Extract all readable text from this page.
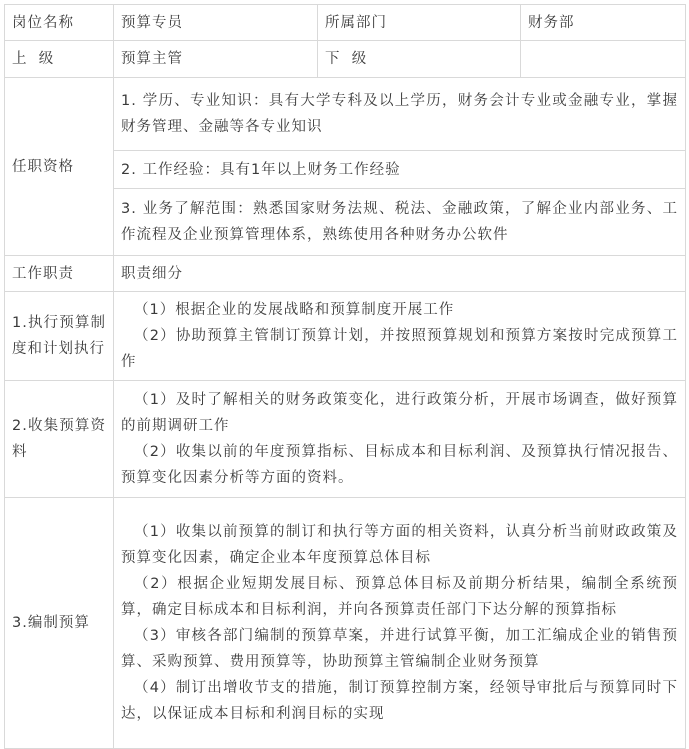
岗位名称	预算专员	所属部门	财务部
上  级	预算主管	下  级	
任职资格	1. 学历、专业知识：具有大学专科及以上学历，财务会计专业或金融专业，掌握财务管理、金融等各专业知识		
	2. 工作经验：具有1年以上财务工作经验		
	3. 业务了解范围：熟悉国家财务法规、税法、金融政策，了解企业内部业务、工作流程及企业预算管理体系，熟练使用各种财务办公软件		
工作职责	职责细分		
1.执行预算制度和计划执行	（1）根据企业的发展战略和预算制度开展工作
（2）协助预算主管制订预算计划，并按照预算规划和预算方案按时完成预算工作		

2.收集预算资料	（1）及时了解相关的财务政策变化，进行政策分析，开展市场调查，做好预算的前期调研工作
（2）收集以前的年度预算指标、目标成本和目标利润、及预算执行情况报告、预算变化因素分析等方面的资料。		

3.编制预算	（1）收集以前预算的制订和执行等方面的相关资料，认真分析当前财政政策及预算变化因素，确定企业本年度预算总体目标
（2）根据企业短期发展目标、预算总体目标及前期分析结果，编制全系统预算，确定目标成本和目标利润，并向各预算责任部门下达分解的预算指标
（3）审核各部门编制的预算草案，并进行试算平衡，加工汇编成企业的销售预算、采购预算、费用预算等，协助预算主管编制企业财务预算
（4）制订出增收节支的措施，制订预算控制方案，经领导审批后与预算同时下达，以保证成本目标和利润目标的实现		
